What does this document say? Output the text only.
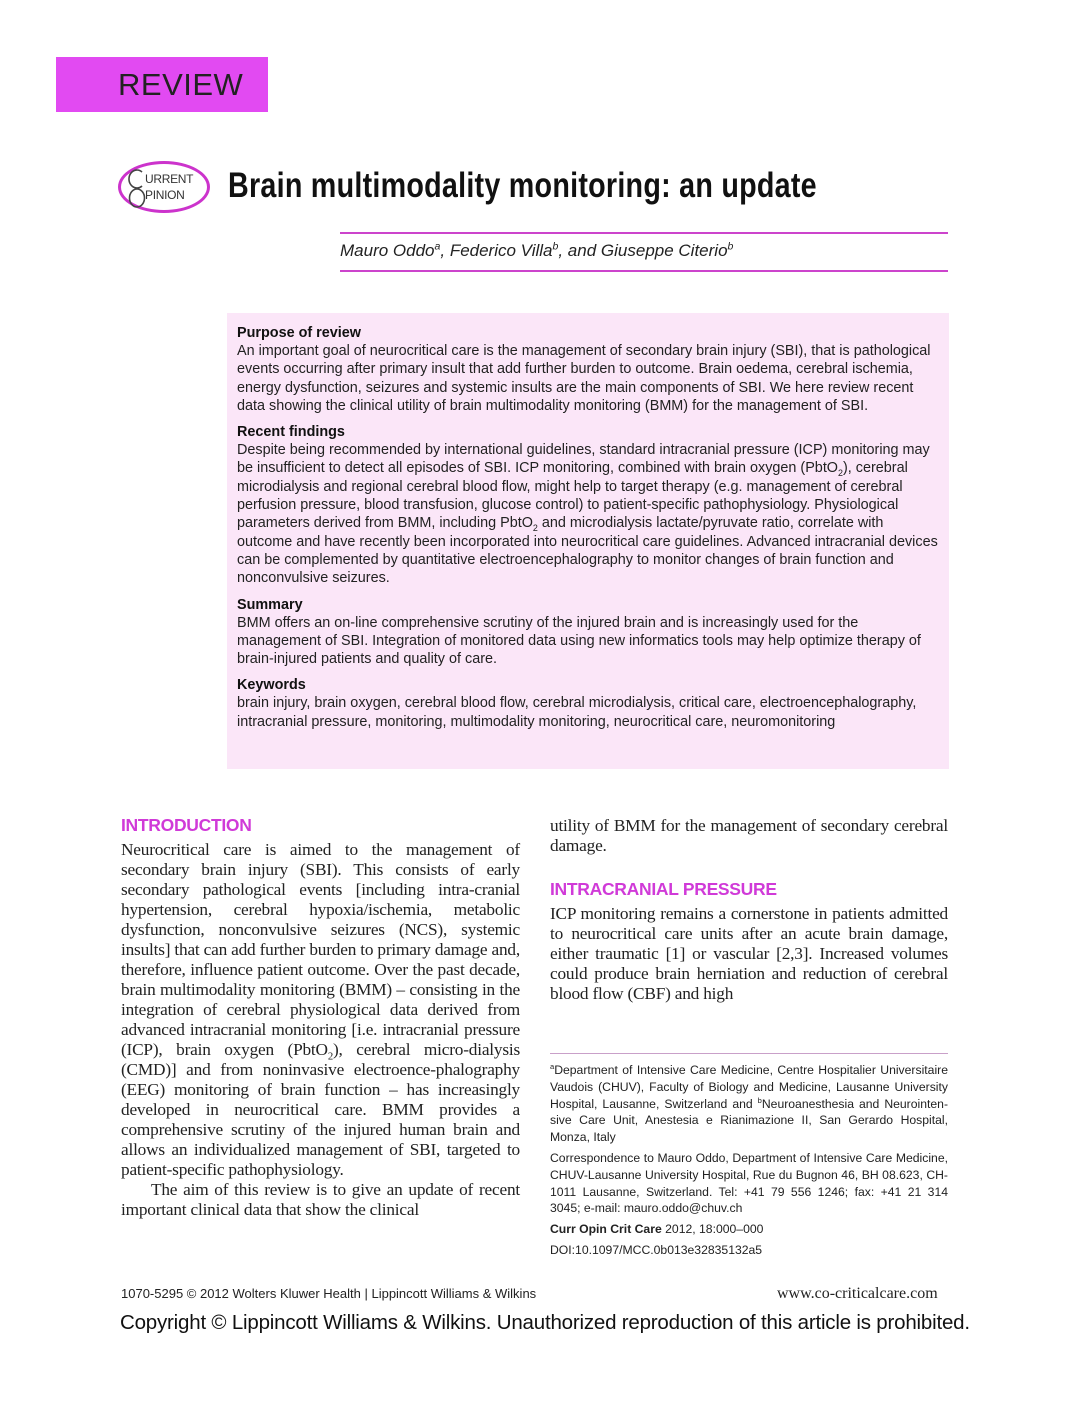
REVIEW
URRENT
PINION Brain multimodality monitoring: an update
Mauro Oddo$^a$, Federico Villa$^b$, and Giuseppe Citerio$^b$
Purpose of review

An important goal of neurocritical care is the management of secondary brain injury (SBI), that is pathological events occurring after primary insult that add further burden to outcome. Brain oedema, cerebral ischemia, energy dysfunction, seizures and systemic insults are the main components of SBI. We here review recent data showing the clinical utility of brain multimodality monitoring (BMM) for the management of SBI.

Recent findings

Despite being recommended by international guidelines, standard intracranial pressure (ICP) monitoring may be insufficient to detect all episodes of SBI. ICP monitoring, combined with brain oxygen (PbtO$_2$), cerebral microdialysis and regional cerebral blood flow, might help to target therapy (e.g. management of cerebral perfusion pressure, blood transfusion, glucose control) to patient-specific pathophysiology. Physiological parameters derived from BMM, including PbtO$_2$ and microdialysis lactate/pyruvate ratio, correlate with outcome and have recently been incorporated into neurocritical care guidelines. Advanced intracranial devices can be complemented by quantitative electroencephalography to monitor changes of brain function and nonconvulsive seizures.

Summary

BMM offers an on-line comprehensive scrutiny of the injured brain and is increasingly used for the management of SBI. Integration of monitored data using new informatics tools may help optimize therapy of brain-injured patients and quality of care.

Keywords

brain injury, brain oxygen, cerebral blood flow, cerebral microdialysis, critical care, electroencephalography, intracranial pressure, monitoring, multimodality monitoring, neurocritical care, neuromonitoring

INTRODUCTION

Neurocritical care is aimed to the management of secondary brain injury (SBI). This consists of early secondary pathological events [including intra-cranial hypertension, cerebral hypoxia/ischemia, metabolic dysfunction, nonconvulsive seizures (NCS), systemic insults] that can add further burden to primary damage and, therefore, influence patient outcome. Over the past decade, brain multimodality monitoring (BMM) – consisting in the integration of cerebral physiological data derived from advanced intracranial monitoring [i.e. intracranial pressure (ICP), brain oxygen (PbtO$_2$), cerebral micro-dialysis (CMD)] and from noninvasive electroence-phalography (EEG) monitoring of brain function – has increasingly developed in neurocritical care. BMM provides a comprehensive scrutiny of the injured human brain and allows an individualized management of SBI, targeted to patient-specific pathophysiology.

The aim of this review is to give an update of recent important clinical data that show the clinical

utility of BMM for the management of secondary cerebral damage.

INTRACRANIAL PRESSURE

ICP monitoring remains a cornerstone in patients admitted to neurocritical care units after an acute brain damage, either traumatic [1] or vascular [2,3]. Increased volumes could produce brain herniation and reduction of cerebral blood flow (CBF) and high

$^a$Department of Intensive Care Medicine, Centre Hospitalier Universitaire Vaudois (CHUV), Faculty of Biology and Medicine, Lausanne University Hospital, Lausanne, Switzerland and $^b$Neuroanesthesia and Neurointen-sive Care Unit, Anestesia e Rianimazione II, San Gerardo Hospital, Monza, Italy

Correspondence to Mauro Oddo, Department of Intensive Care Medicine, CHUV-Lausanne University Hospital, Rue du Bugnon 46, BH 08.623, CH-1011 Lausanne, Switzerland. Tel: +41 79 556 1246; fax: +41 21 314 3045; e-mail: mauro.oddo@chuv.ch

Curr Opin Crit Care 2012, 18:000–000

DOI:10.1097/MCC.0b013e32835132a5

1070-5295 © 2012 Wolters Kluwer Health | Lippincott Williams & Wilkins	www.co-criticalcare.com
Copyright © Lippincott Williams & Wilkins. Unauthorized reproduction of this article is prohibited.
